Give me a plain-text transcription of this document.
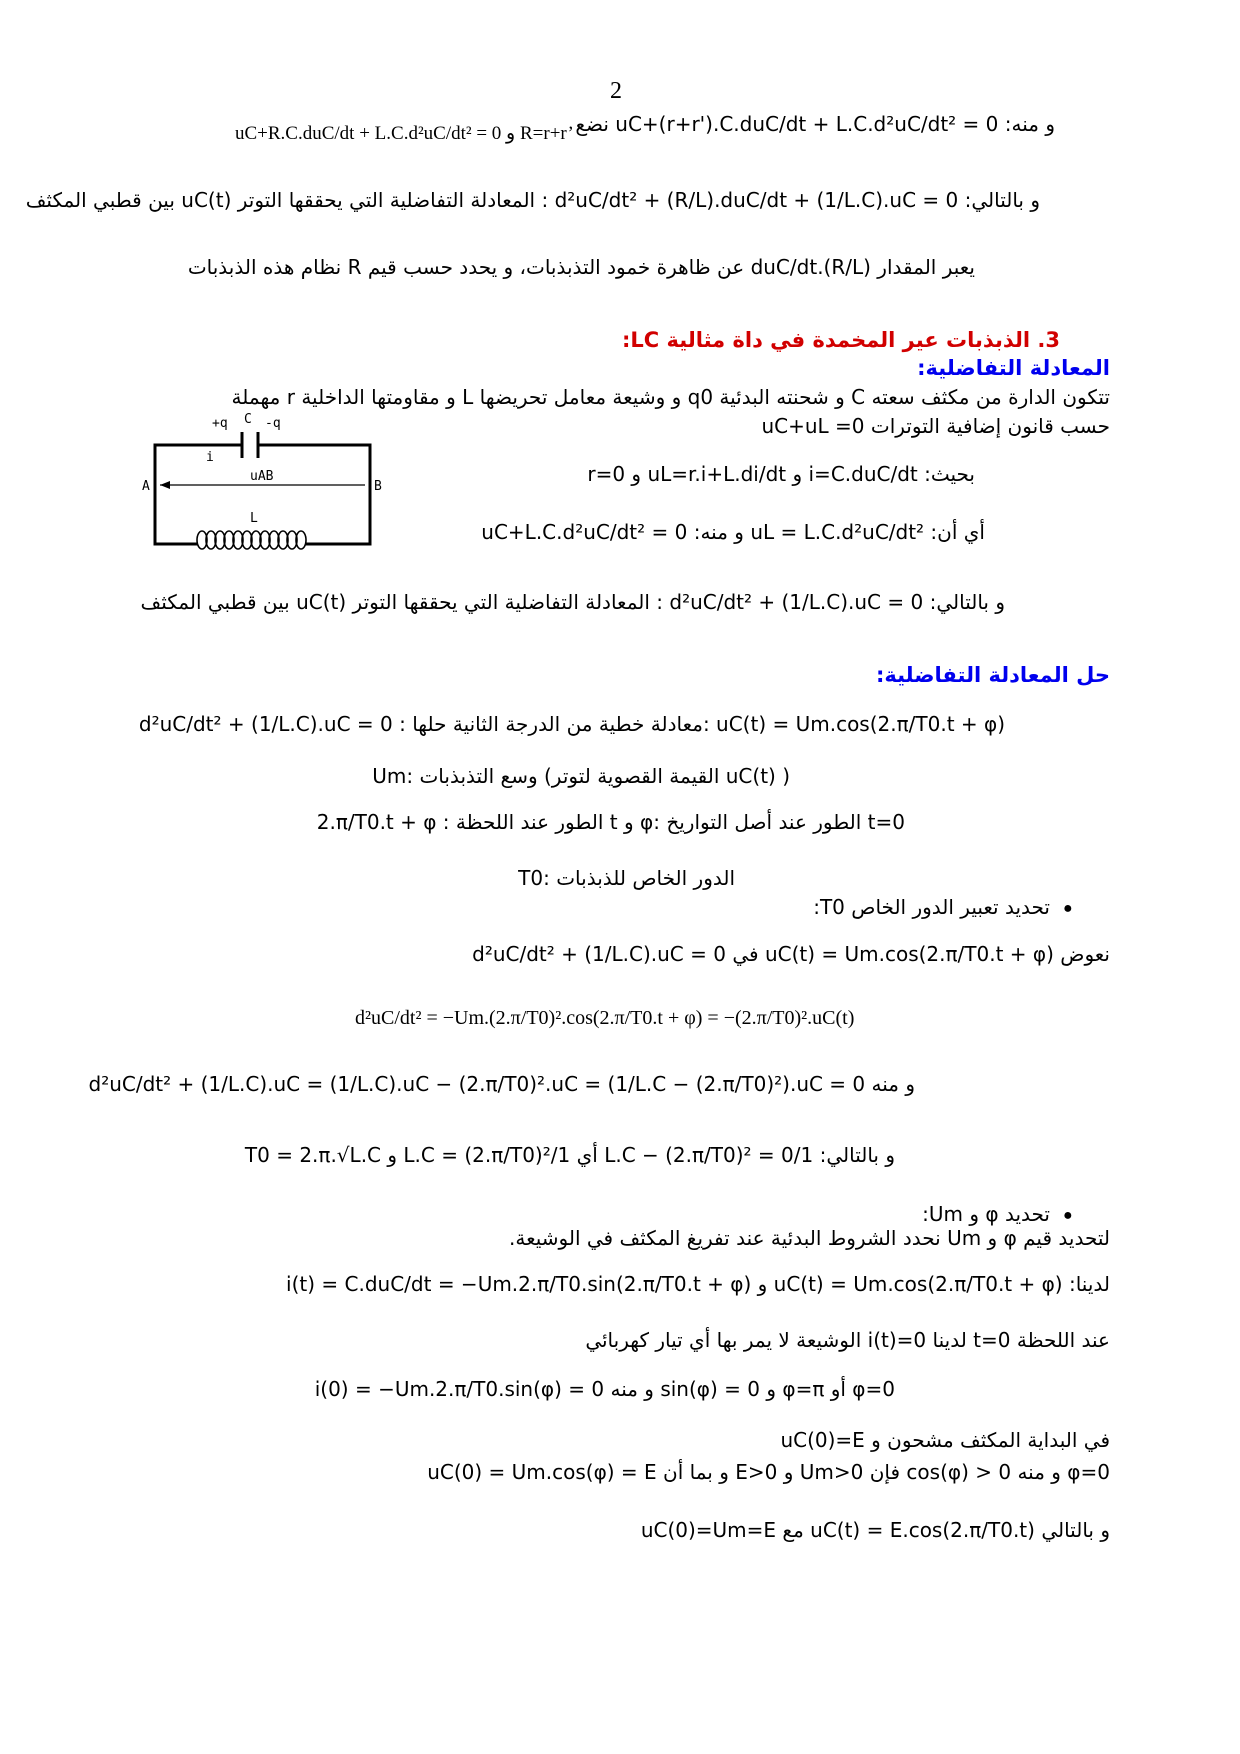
2
و منه: uC+(r+r').C.duC/dt + L.C.d²uC/dt² = 0 نضع
uC+R.C.duC/dt + L.C.d²uC/dt² = 0 و R=r+r’
و بالتالي: d²uC/dt² + (R/L).duC/dt + (1/L.C).uC = 0 : المعادلة التفاضلية التي يحققها التوتر uC(t) بين قطبي المكثف
يعبر المقدار (R/L).duC/dt عن ظاهرة خمود التذبذبات، و يحدد حسب قيم R نظام هذه الذبذبات
3. الذبذبات عير المخمدة في داة مثالية LC:
المعادلة التفاضلية:
تتكون الدارة من مكثف سعته C و شحنته البدئية q0 و وشيعة معامل تحريضها L و مقاومتها الداخلية r مهملة
حسب قانون إضافية التوترات uC+uL =0
بحيث: i=C.duC/dt و uL=r.i+L.di/dt و r=0
أي أن: uL = L.C.d²uC/dt² و منه: uC+L.C.d²uC/dt² = 0
و بالتالي: d²uC/dt² + (1/L.C).uC = 0 : المعادلة التفاضلية التي يحققها التوتر uC(t) بين قطبي المكثف
+q C -q
i
uAB
A	B
L
حل المعادلة التفاضلية:
d²uC/dt² + (1/L.C).uC = 0 : معادلة خطية من الدرجة الثانية حلها: uC(t) = Um.cos(2.π/T0.t + φ)
Um: وسع التذبذبات (القيمة القصوية لتوتر uC(t) )
2.π/T0.t + φ : الطور عند اللحظة t و φ: الطور عند أصل التواريخ t=0
T0: الدور الخاص للذبذبات
●
تحديد تعبير الدور الخاص T0:
نعوض uC(t) = Um.cos(2.π/T0.t + φ) في d²uC/dt² + (1/L.C).uC = 0
d²uC/dt² = −Um.(2.π/T0)².cos(2.π/T0.t + φ) = −(2.π/T0)².uC(t)
و منه d²uC/dt² + (1/L.C).uC = (1/L.C).uC − (2.π/T0)².uC = (1/L.C − (2.π/T0)²).uC = 0
و بالتالي: 1/L.C − (2.π/T0)² = 0 أي 1/L.C = (2.π/T0)² و T0 = 2.π.√L.C
●
تحديد φ و Um:
لتحديد قيم φ و Um نحدد الشروط البدئية عند تفريغ المكثف في الوشيعة.
لدينا: uC(t) = Um.cos(2.π/T0.t + φ) و i(t) = C.duC/dt = −Um.2.π/T0.sin(2.π/T0.t + φ)
عند اللحظة t=0 لدينا i(t)=0 الوشيعة لا يمر بها أي تيار كهربائي
i(0) = −Um.2.π/T0.sin(φ) = 0 و منه sin(φ) = 0 و φ=π أو φ=0
في البداية المكثف مشحون و uC(0)=E
uC(0) = Um.cos(φ) = E و بما أن E>0 و Um>0 فإن cos(φ) > 0 و منه φ=0
و بالتالي uC(t) = E.cos(2.π/T0.t) مع uC(0)=Um=E
